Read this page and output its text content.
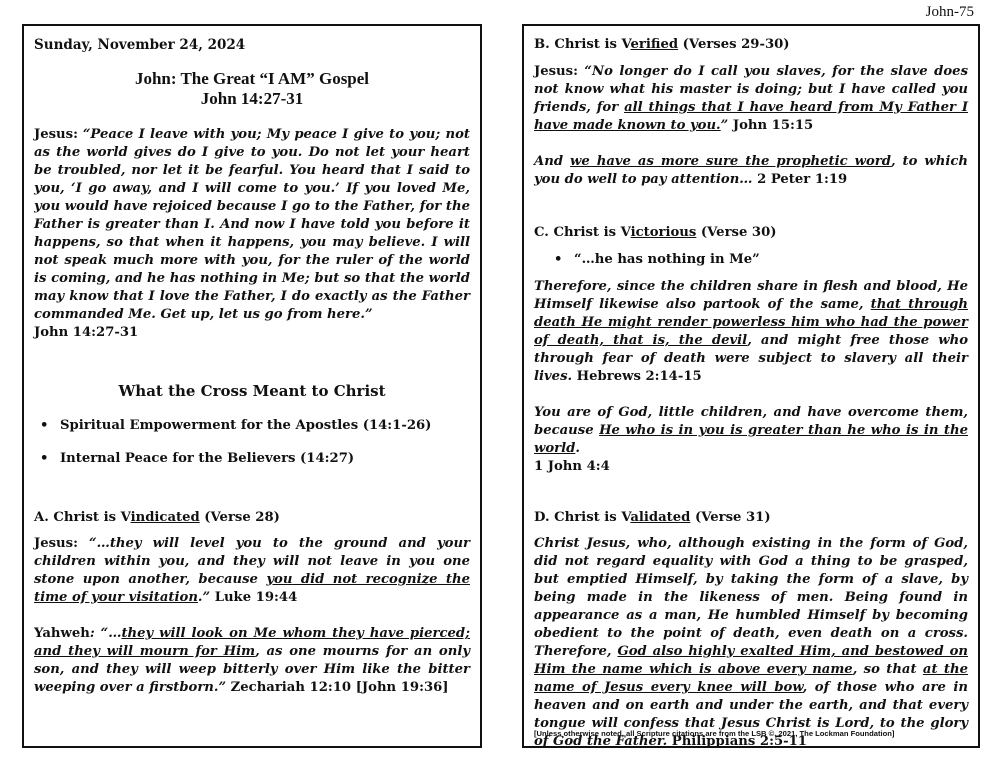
John-75
Sunday, November 24, 2024
John: The Great “I AM” Gospel
John 14:27-31

Jesus: “Peace I leave with you; My peace I give to you; not as the world gives do I give to you. Do not let your heart be troubled, nor let it be fearful. You heard that I said to you, ‘I go away, and I will come to you.’ If you loved Me, you would have rejoiced because I go to the Father, for the Father is greater than I. And now I have told you before it happens, so that when it happens, you may believe. I will not speak much more with you, for the ruler of the world is coming, and he has nothing in Me; but so that the world may know that I love the Father, I do exactly as the Father commanded Me. Get up, let us go from here.”
John 14:27-31

What the Cross Meant to Christ
• Spiritual Empowerment for the Apostles (14:1-26)
• Internal Peace for the Believers (14:27)
A. Christ is Vindicated (Verse 28)

Jesus: “…they will level you to the ground and your children within you, and they will not leave in you one stone upon another, because you did not recognize the time of your visitation.” Luke 19:44

Yahweh: “…they will look on Me whom they have pierced; and they will mourn for Him, as one mourns for an only son, and they will weep bitterly over Him like the bitter weeping over a firstborn.” Zechariah 12:10 [John 19:36]

B. Christ is Verified (Verses 29-30)

Jesus: “No longer do I call you slaves, for the slave does not know what his master is doing; but I have called you friends, for all things that I have heard from My Father I have made known to you.” John 15:15

And we have as more sure the prophetic word, to which you do well to pay attention… 2 Peter 1:19

C. Christ is Victorious (Verse 30)
• “…he has nothing in Me”

Therefore, since the children share in flesh and blood, He Himself likewise also partook of the same, that through death He might render powerless him who had the power of death, that is, the devil, and might free those who through fear of death were subject to slavery all their lives. Hebrews 2:14-15

You are of God, little children, and have overcome them, because He who is in you is greater than he who is in the world.
1 John 4:4

D. Christ is Validated (Verse 31)

Christ Jesus, who, although existing in the form of God, did not regard equality with God a thing to be grasped, but emptied Himself, by taking the form of a slave, by being made in the likeness of men. Being found in appearance as a man, He humbled Himself by becoming obedient to the point of death, even death on a cross. Therefore, God also highly exalted Him, and bestowed on Him the name which is above every name, so that at the name of Jesus every knee will bow, of those who are in heaven and on earth and under the earth, and that every tongue will confess that Jesus Christ is Lord, to the glory of God the Father. Philippians 2:5-11

[Unless otherwise noted, all Scripture citations are from the LSB ©, 2021, The Lockman Foundation]
